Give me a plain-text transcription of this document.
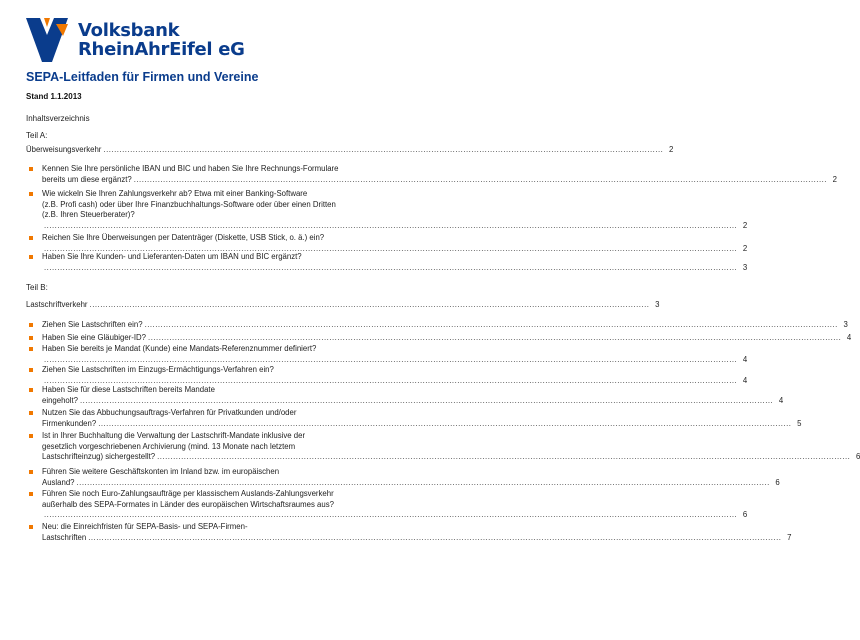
Volksbank
RheinAhrEifel eG
SEPA-Leitfaden für Firmen und Vereine
Stand 1.1.2013
Inhaltsverzeichnis
Teil A:
Überweisungsverkehr .................................................................................................................................................................................................................. 2
Kennen Sie Ihre persönliche IBAN und BIC und haben Sie Ihre Rechnungs-Formulare
bereits um diese ergänzt? .................................................................................................................................................................................................................................................................... 2
Wie wickeln Sie Ihren Zahlungsverkehr ab? Etwa mit einer Banking-Software
(z.B. Profi cash) oder über Ihre Finanzbuchhaltungs-Software oder über einen Dritten
(z.B. Ihren Steuerberater)?
.................................................................................................................................................................................................................................................................... 2
Reichen Sie Ihre Überweisungen per Datenträger (Diskette, USB Stick, o. ä.) ein?
.................................................................................................................................................................................................................................................................... 2
Haben Sie Ihre Kunden- und Lieferanten-Daten um IBAN und BIC ergänzt?
.................................................................................................................................................................................................................................................................... 3
Teil B:
Lastschriftverkehr .................................................................................................................................................................................................................. 3
Ziehen Sie Lastschriften ein? .................................................................................................................................................................................................................................................................... 3
Haben Sie eine Gläubiger-ID? .................................................................................................................................................................................................................................................................... 4
Haben Sie bereits je Mandat (Kunde) eine Mandats-Referenznummer definiert?
.................................................................................................................................................................................................................................................................... 4
Ziehen Sie Lastschriften im Einzugs-Ermächtigungs-Verfahren ein?
.................................................................................................................................................................................................................................................................... 4
Haben Sie für diese Lastschriften bereits Mandate
eingeholt? .................................................................................................................................................................................................................................................................... 4
Nutzen Sie das Abbuchungsauftrags-Verfahren für Privatkunden und/oder
Firmenkunden? .................................................................................................................................................................................................................................................................... 5
Ist in Ihrer Buchhaltung die Verwaltung der Lastschrift-Mandate inklusive der
gesetzlich vorgeschriebenen Archivierung (mind. 13 Monate nach letztem
Lastschrifteinzug) sichergestellt? .................................................................................................................................................................................................................................................................... 6
Führen Sie weitere Geschäftskonten im Inland bzw. im europäischen
Ausland? .................................................................................................................................................................................................................................................................... 6
Führen Sie noch Euro-Zahlungsaufträge per klassischem Auslands-Zahlungsverkehr
außerhalb des SEPA-Formates in Länder des europäischen Wirtschaftsraumes aus?
.................................................................................................................................................................................................................................................................... 6
Neu: die Einreichfristen für SEPA-Basis- und SEPA-Firmen-
Lastschriften .................................................................................................................................................................................................................................................................... 7
